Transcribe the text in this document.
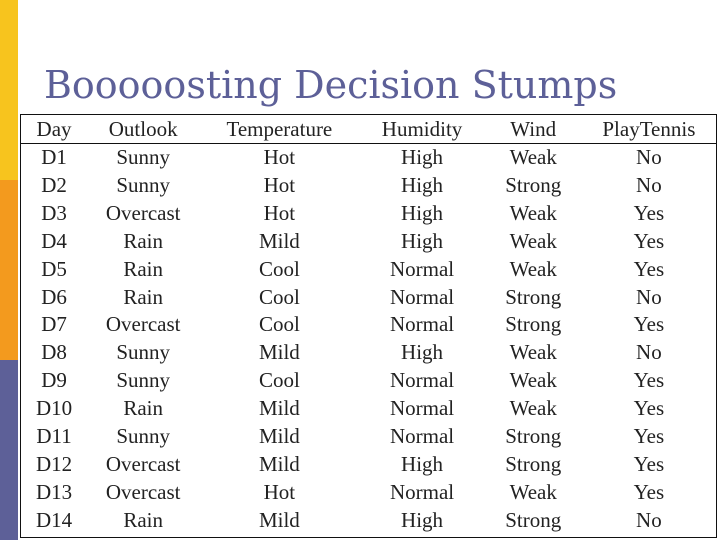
Booooosting Decision Stumps
Day	Outlook	Temperature	Humidity	Wind	PlayTennis
D1	Sunny	Hot	High	Weak	No
D2	Sunny	Hot	High	Strong	No
D3	Overcast	Hot	High	Weak	Yes
D4	Rain	Mild	High	Weak	Yes
D5	Rain	Cool	Normal	Weak	Yes
D6	Rain	Cool	Normal	Strong	No
D7	Overcast	Cool	Normal	Strong	Yes
D8	Sunny	Mild	High	Weak	No
D9	Sunny	Cool	Normal	Weak	Yes
D10	Rain	Mild	Normal	Weak	Yes
D11	Sunny	Mild	Normal	Strong	Yes
D12	Overcast	Mild	High	Strong	Yes
D13	Overcast	Hot	Normal	Weak	Yes
D14	Rain	Mild	High	Strong	No
